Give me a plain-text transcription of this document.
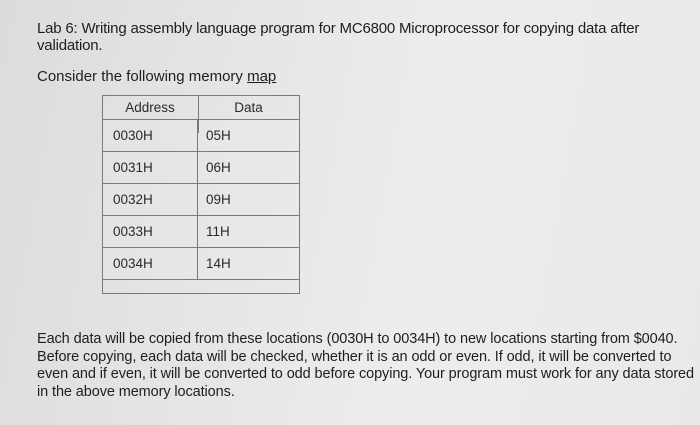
Lab 6: Writing assembly language program for MC6800 Microprocessor for copying data after validation.
Consider the following memory map
Address	Data
0030H	05H
0031H	06H
0032H	09H
0033H	11H
0034H	14H
Each data will be copied from these locations (0030H to 0034H) to new locations starting from $0040. Before copying, each data will be checked, whether it is an odd or even. If odd, it will be converted to even and if even, it will be converted to odd before copying. Your program must work for any data stored in the above memory locations.
